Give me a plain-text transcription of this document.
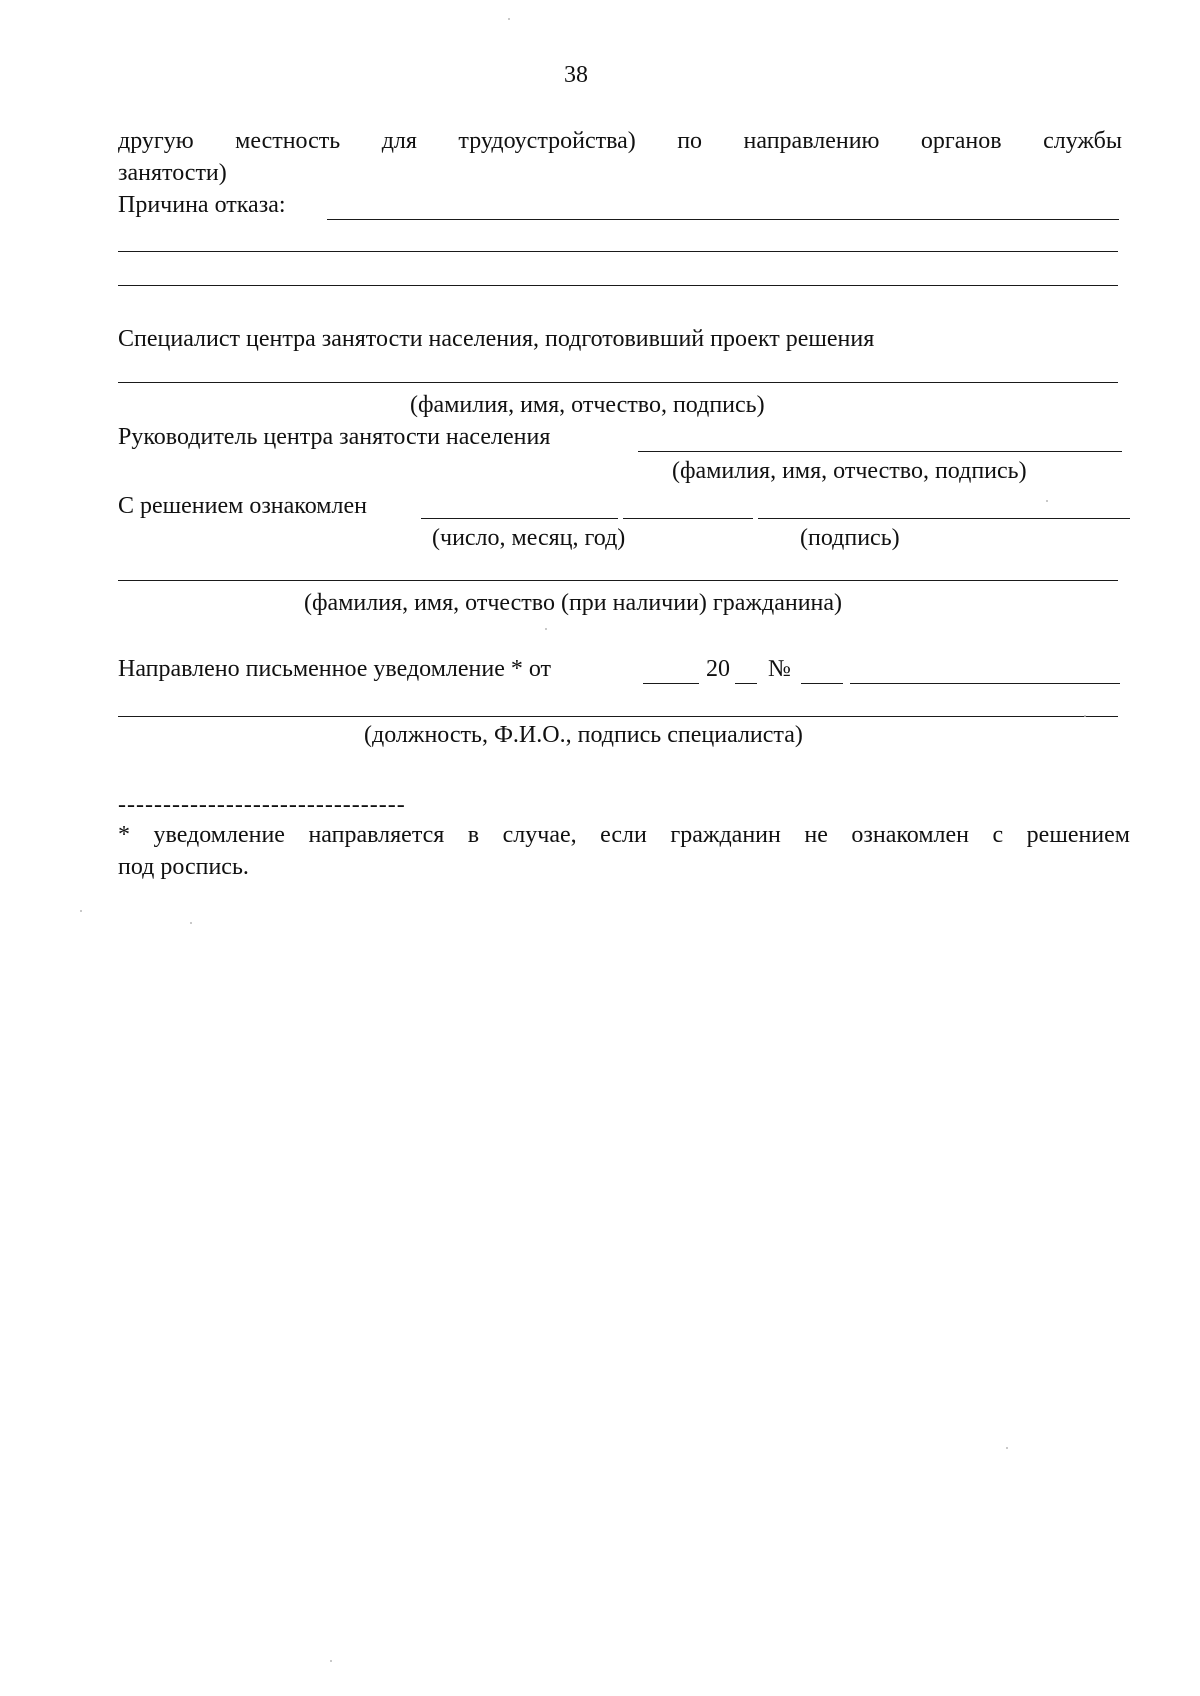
38
другую местность для трудоустройства) по направлению органов службы
занятости)
Причина отказа:
Специалист центра занятости населения, подготовивший проект решения
(фамилия, имя, отчество, подпись)
Руководитель центра занятости населения
(фамилия, имя, отчество, подпись)
С решением ознакомлен
(число, месяц, год)	(подпись)
(фамилия, имя, отчество (при наличии) гражданина)
Направлено письменное уведомление * от	20 №
(должность, Ф.И.О., подпись специалиста)
--------------------------------
* уведомление направляется в случае, если гражданин не ознакомлен с решением
под роспись.
